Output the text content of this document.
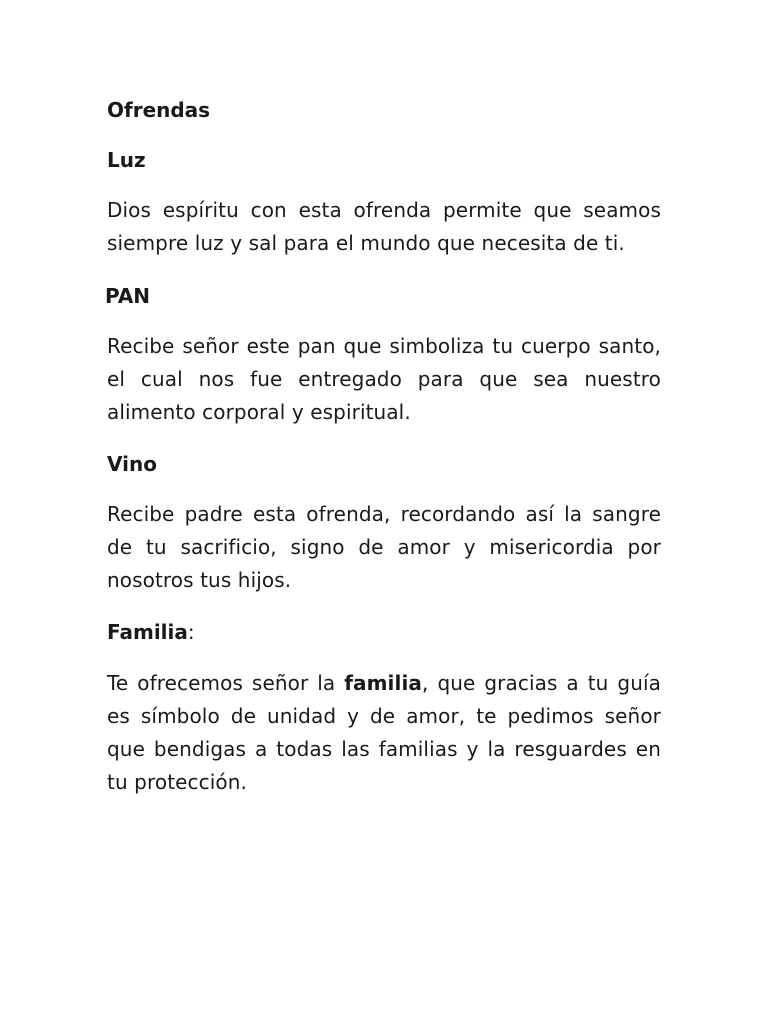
Ofrendas

Luz

Dios espíritu con esta ofrenda permite que seamos siempre luz y sal para el mundo que necesita de ti.

PAN

Recibe señor este pan que simboliza tu cuerpo santo, el cual nos fue entregado para que sea nuestro alimento corporal y espiritual.

Vino

Recibe padre esta ofrenda, recordando así la sangre de tu sacrificio, signo de amor y misericordia por nosotros tus hijos.

Familia:

Te ofrecemos señor la familia, que gracias a tu guía es símbolo de unidad y de amor, te pedimos señor que bendigas a todas las familias y la resguardes en tu protección.
